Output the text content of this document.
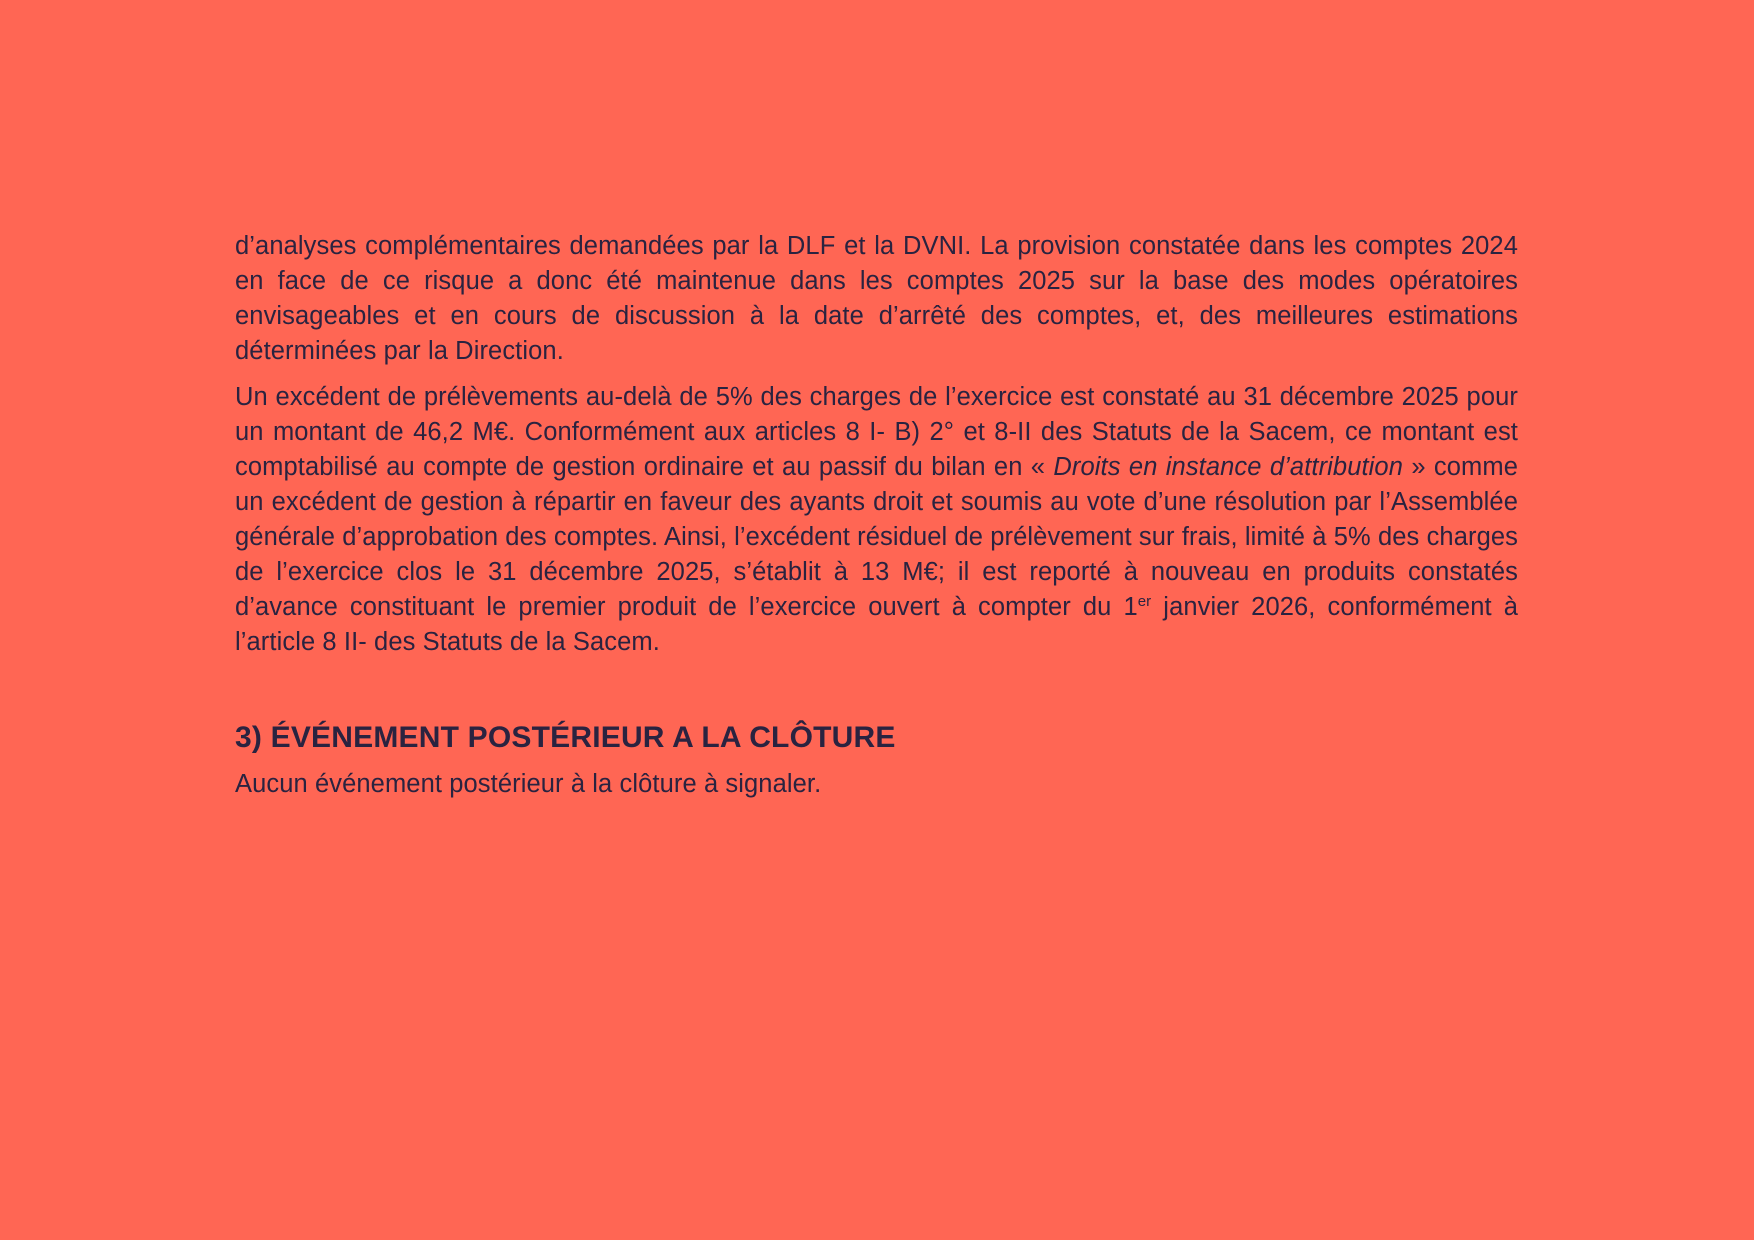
d’analyses complémentaires demandées par la DLF et la DVNI. La provision constatée dans les comptes 2024 en face de ce risque a donc été maintenue dans les comptes 2025 sur la base des modes opératoires envisageables et en cours de discussion à la date d’arrêté des comptes, et, des meilleures estimations déterminées par la Direction.

Un excédent de prélèvements au-delà de 5% des charges de l’exercice est constaté au 31 décembre 2025 pour un montant de 46,2 M€. Conformément aux articles 8 I- B) 2° et 8-II des Statuts de la Sacem, ce montant est comptabilisé au compte de gestion ordinaire et au passif du bilan en « Droits en instance d’attribution » comme un excédent de gestion à répartir en faveur des ayants droit et soumis au vote d’une résolution par l’Assemblée générale d’approbation des comptes. Ainsi, l’excédent résiduel de prélèvement sur frais, limité à 5% des charges de l’exercice clos le 31 décembre 2025, s’établit à 13 M€; il est reporté à nouveau en produits constatés d’avance constituant le premier produit de l’exercice ouvert à compter du 1er janvier 2026, conformément à l’article 8 II- des Statuts de la Sacem.

3) ÉVÉNEMENT POSTÉRIEUR A LA CLÔTURE

Aucun événement postérieur à la clôture à signaler.
